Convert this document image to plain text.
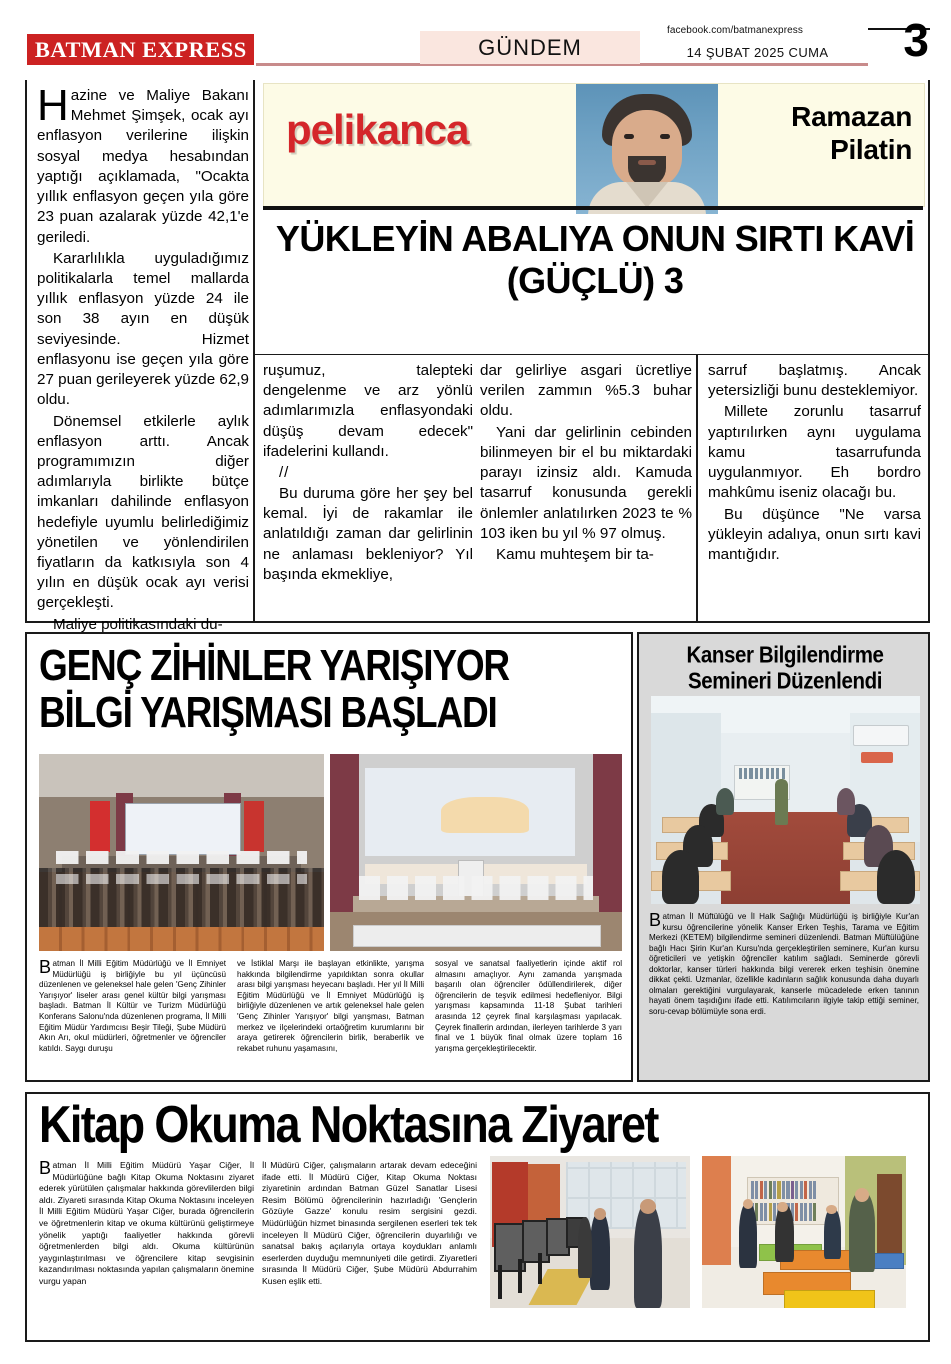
BATMAN EXPRESS	GÜNDEM
facebook.com/batmanexpress
14 ŞUBAT 2025 CUMA	3

Hazine ve Maliye Bakanı Mehmet Şimşek, ocak ayı enflasyon verilerine ilişkin sosyal medya hesabından yaptığı açıklamada, "Ocakta yıllık enflasyon geçen yıla göre 23 puan azalarak yüzde 42,1'e geriledi.

Kararlılıkla uyguladığımız politikalarla temel mallarda yıllık enflasyon yüzde 24 ile son 38 ayın en düşük seviyesinde. Hizmet enflasyonu ise geçen yıla göre 27 puan gerileyerek yüzde 62,9 oldu.

Dönemsel etkilerle aylık enflasyon arttı. Ancak programımızın diğer adımlarıyla birlikte bütçe imkanları dahilinde enflasyon hedefiyle uyumlu belirlediğimiz yönetilen ve yönlendirilen fiyatların da katkısıyla son 4 yılın en düşük ocak ayı verisi gerçekleşti.

Maliye politikasındaki du-

pelikanca	Ramazan
Pilatin
YÜKLEYİN ABALIYA ONUN SIRTI KAVİ (GÜÇLÜ) 3

ruşumuz, talepteki dengelenme ve arz yönlü adımlarımızla enflasyondaki düşüş devam edecek" ifadelerini kullandı.

//

Bu duruma göre her şey bel kemal. İyi de rakamlar ile anlatıldığı zaman dar gelirlinin ne anlaması bekleniyor? Yıl başında ekmekliye,

dar gelirliye asgari ücretliye verilen zammın %5.3 buhar oldu.

Yani dar gelirlinin cebinden bilinmeyen bir el bu miktardaki parayı izinsiz aldı. Kamuda tasarruf konusunda gerekli önlemler anlatılırken 2023 te % 103 iken bu yıl % 97 olmuş.

Kamu muhteşem bir ta-

sarruf başlatmış. Ancak yetersizliği bunu desteklemiyor.

Millete zorunlu tasarruf yaptırılırken aynı uygulama kamu tasarrufunda uygulanmıyor. Eh bordro mahkûmu iseniz olacağı bu.

Bu düşünce "Ne varsa yükleyin adalıya, onun sırtı kavi mantığıdır.

GENÇ ZİHİNLER YARIŞIYOR
BİLGİ YARIŞMASI BAŞLADI
Batman İl Milli Eğitim Müdürlüğü ve İl Emniyet Müdürlüğü iş birliğiyle bu yıl üçüncüsü düzenlenen ve geleneksel hale gelen 'Genç Zihinler Yarışıyor' liseler arası genel kültür bilgi yarışması başladı. Batman İl Kültür ve Turizm Müdürlüğü Konferans Salonu'nda düzenlenen programa, İl Milli Eğitim Müdür Yardımcısı Beşir Tileği, Şube Müdürü Akın Arı, okul müdürleri, öğretmenler ve öğrenciler katıldı. Saygı duruşu
ve İstiklal Marşı ile başlayan etkinlikte, yarışma hakkında bilgilendirme yapıldıktan sonra okullar arası bilgi yarışması heyecanı başladı. Her yıl İl Milli Eğitim Müdürlüğü ve İl Emniyet Müdürlüğü iş birliğiyle düzenlenen ve artık geleneksel hale gelen 'Genç Zihinler Yarışıyor' bilgi yarışması, Batman merkez ve ilçelerindeki ortaöğretim kurumlarını bir araya getirerek öğrencilerin birlik, beraberlik ve rekabet ruhunu yaşamasını,
sosyal ve sanatsal faaliyetlerin içinde aktif rol almasını amaçlıyor. Aynı zamanda yarışmada başarılı olan öğrenciler ödüllendirilerek, diğer öğrencilerin de teşvik edilmesi hedefleniyor. Bilgi yarışması kapsamında 11-18 Şubat tarihleri arasında 12 çeyrek final karşılaşması yapılacak. Çeyrek finallerin ardından, ilerleyen tarihlerde 3 yarı final ve 1 büyük final olmak üzere toplam 16 yarışma gerçekleştirilecektir.
Kanser Bilgilendirme
Semineri Düzenlendi
Batman İl Müftülüğü ve İl Halk Sağlığı Müdürlüğü iş birliğiyle Kur'an kursu öğrencilerine yönelik Kanser Erken Teşhis, Tarama ve Eğitim Merkezi (KETEM) bilgilendirme semineri düzenlendi. Batman Müftülüğüne bağlı Hacı Şirin Kur'an Kursu'nda gerçekleştirilen seminere, Kur'an kursu öğreticileri ve yetişkin öğrenciler katılım sağladı. Seminerde görevli doktorlar, kanser türleri hakkında bilgi vererek erken teşhisin önemine dikkat çekti. Uzmanlar, özellikle kadınların sağlık konusunda daha duyarlı olmaları gerektiğini vurgulayarak, kanserle mücadelede erken tanının hayati önem taşıdığını ifade etti. Katılımcıların ilgiyle takip ettiği seminer, soru-cevap bölümüyle sona erdi.
Kitap Okuma Noktasına Ziyaret
Batman İl Milli Eğitim Müdürü Yaşar Ciğer, İl Müdürlüğüne bağlı Kitap Okuma Noktasını ziyaret ederek yürütülen çalışmalar hakkında görevlilerden bilgi aldı. Ziyareti sırasında Kitap Okuma Noktasını inceleyen İl Milli Eğitim Müdürü Yaşar Ciğer, burada öğrencilerin ve öğretmenlerin kitap ve okuma kültürünü geliştirmeye yönelik yaptığı faaliyetler hakkında görevli öğretmenlerden bilgi aldı. Okuma kültürünün yaygınlaştırılması ve öğrencilere kitap sevgisinin kazandırılması noktasında yapılan çalışmaların önemine vurgu yapan
İl Müdürü Ciğer, çalışmaların artarak devam edeceğini ifade etti. İl Müdürü Ciğer, Kitap Okuma Noktası ziyaretinin ardından Batman Güzel Sanatlar Lisesi Resim Bölümü öğrencilerinin hazırladığı 'Gençlerin Gözüyle Gazze' konulu resim sergisini gezdi. Müdürlüğün hizmet binasında sergilenen eserleri tek tek inceleyen İl Müdürü Ciğer, öğrencilerin duyarlılığı ve sanatsal bakış açılarıyla ortaya koydukları anlamlı eserlerden duyduğu memnuniyeti dile getirdi. Ziyaretleri sırasında İl Müdürü Ciğer, Şube Müdürü Abdurrahim Kusen eşlik etti.
